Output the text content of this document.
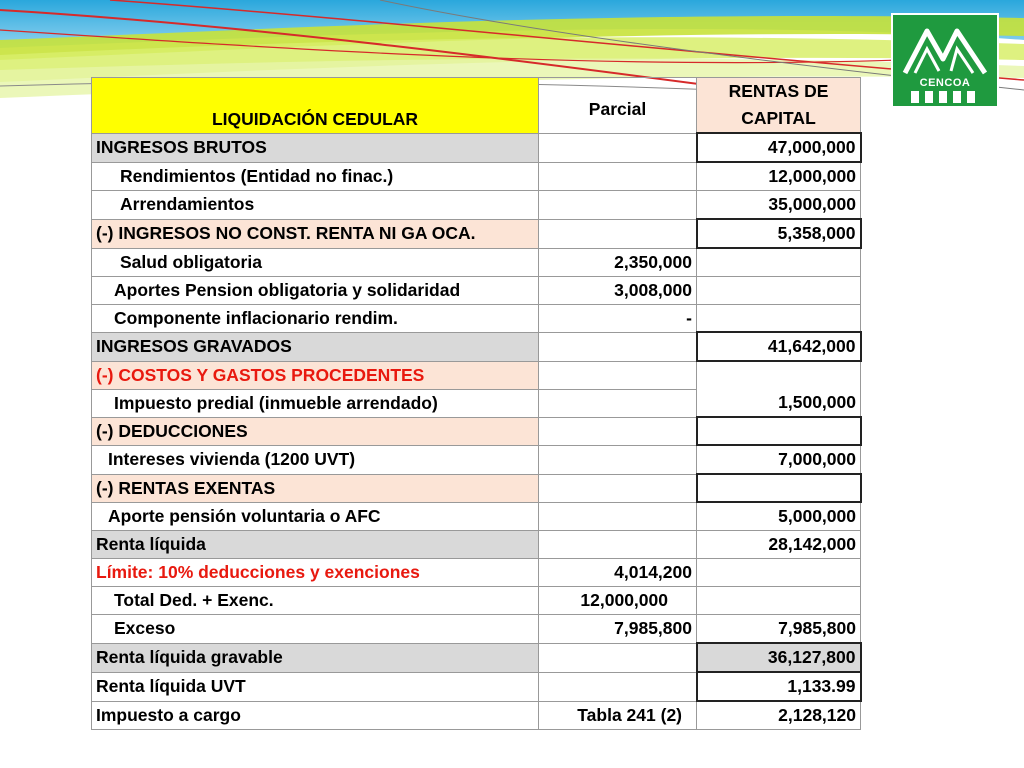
CENCOA
LIQUIDACIÓN CEDULAR	Parcial	RENTAS DE
CAPITAL

INGRESOS BRUTOS		47,000,000
Rendimientos (Entidad no finac.)		12,000,000
Arrendamientos		35,000,000
(-) INGRESOS NO CONST. RENTA NI GA OCA.		5,358,000
Salud obligatoria	2,350,000	
Aportes Pension obligatoria y solidaridad	3,008,000	
Componente inflacionario rendim.	-	
INGRESOS GRAVADOS		41,642,000
(-) COSTOS Y GASTOS PROCEDENTES		1,500,000
Impuesto predial (inmueble arrendado)		
(-) DEDUCCIONES		
Intereses vivienda (1200 UVT)		7,000,000
(-) RENTAS EXENTAS		
Aporte pensión voluntaria o AFC		5,000,000
Renta líquida		28,142,000
Límite: 10% deducciones y exenciones	4,014,200	
Total Ded. + Exenc.	12,000,000	
Exceso	7,985,800	7,985,800
Renta líquida gravable		36,127,800
Renta líquida UVT		1,133.99
Impuesto a cargo	Tabla 241 (2)	2,128,120
